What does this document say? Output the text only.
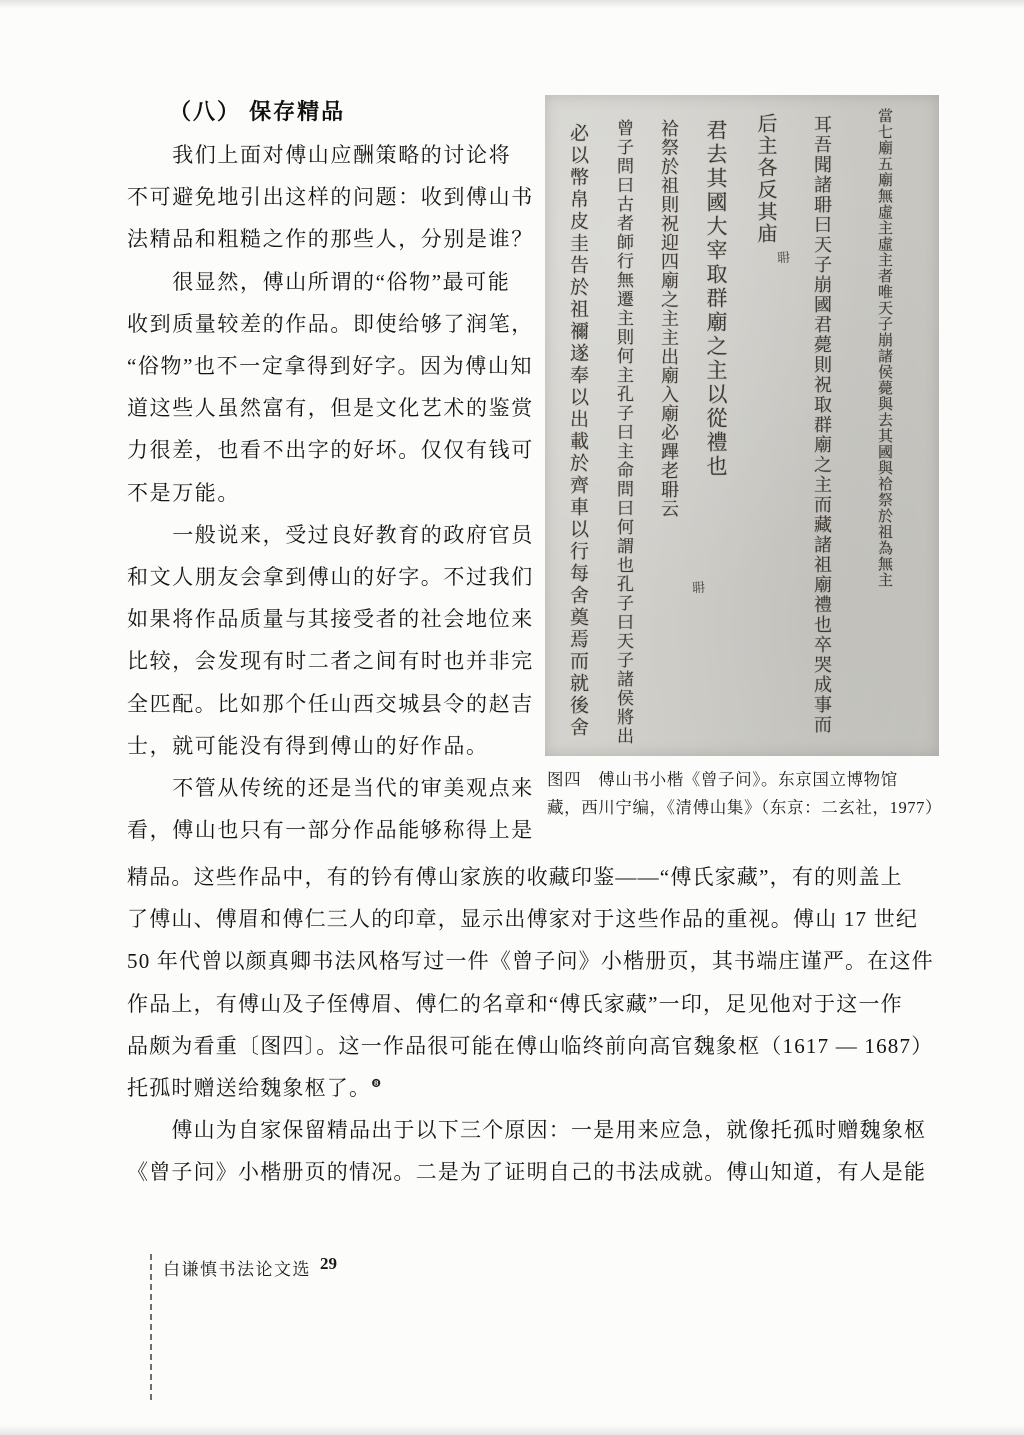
（八） 保存精品
　　我们上面对傅山应酬策略的讨论将
不可避免地引出这样的问题：收到傅山书
法精品和粗糙之作的那些人，分别是谁？
　　很显然，傅山所谓的“俗物”最可能
收到质量较差的作品。即使给够了润笔，
“俗物”也不一定拿得到好字。因为傅山知
道这些人虽然富有，但是文化艺术的鉴赏
力很差，也看不出字的好坏。仅仅有钱可
不是万能。
　　一般说来，受过良好教育的政府官员
和文人朋友会拿到傅山的好字。不过我们
如果将作品质量与其接受者的社会地位来
比较，会发现有时二者之间有时也并非完
全匹配。比如那个任山西交城县令的赵吉
士，就可能没有得到傅山的好作品。
　　不管从传统的还是当代的审美观点来
看，傅山也只有一部分作品能够称得上是
當七廟五廟無虛主虛主者唯天子崩諸侯薨與去其國與祫祭於祖為無主
耳吾聞諸耼曰天子崩國君薨則祝取群廟之主而藏諸祖廟禮也卒哭成事而
后主各反其庙
君去其國大宰取群廟之主以從禮也
祫祭於祖則祝迎四廟之主主出廟入廟必蹕老耼云
曾子問曰古者師行無遷主則何主孔子曰主命問曰何謂也孔子曰天子諸侯將出
必以幣帛皮圭告於祖禰遂奉以出載於齊車以行每舍奠焉而就後舍	耼
耼
图四　傅山书小楷《曾子问》。东京国立博物馆
藏，西川宁编，《清傅山集》（东京：二玄社，1977）
精品。这些作品中，有的钤有傅山家族的收藏印鉴——“傅氏家藏”，有的则盖上
了傅山、傅眉和傅仁三人的印章，显示出傅家对于这些作品的重视。傅山 17 世纪
50 年代曾以颜真卿书法风格写过一件《曾子问》小楷册页，其书端庄谨严。在这件
作品上，有傅山及子侄傅眉、傅仁的名章和“傅氏家藏”一印，足见他对于这一作
品颇为看重〔图四〕。这一作品很可能在傅山临终前向高官魏象枢（1617 — 1687）
托孤时赠送给魏象枢了。$^❽$
　　傅山为自家保留精品出于以下三个原因：一是用来应急，就像托孤时赠魏象枢
《曾子问》小楷册页的情况。二是为了证明自己的书法成就。傅山知道，有人是能
白谦慎书法论文选 29
